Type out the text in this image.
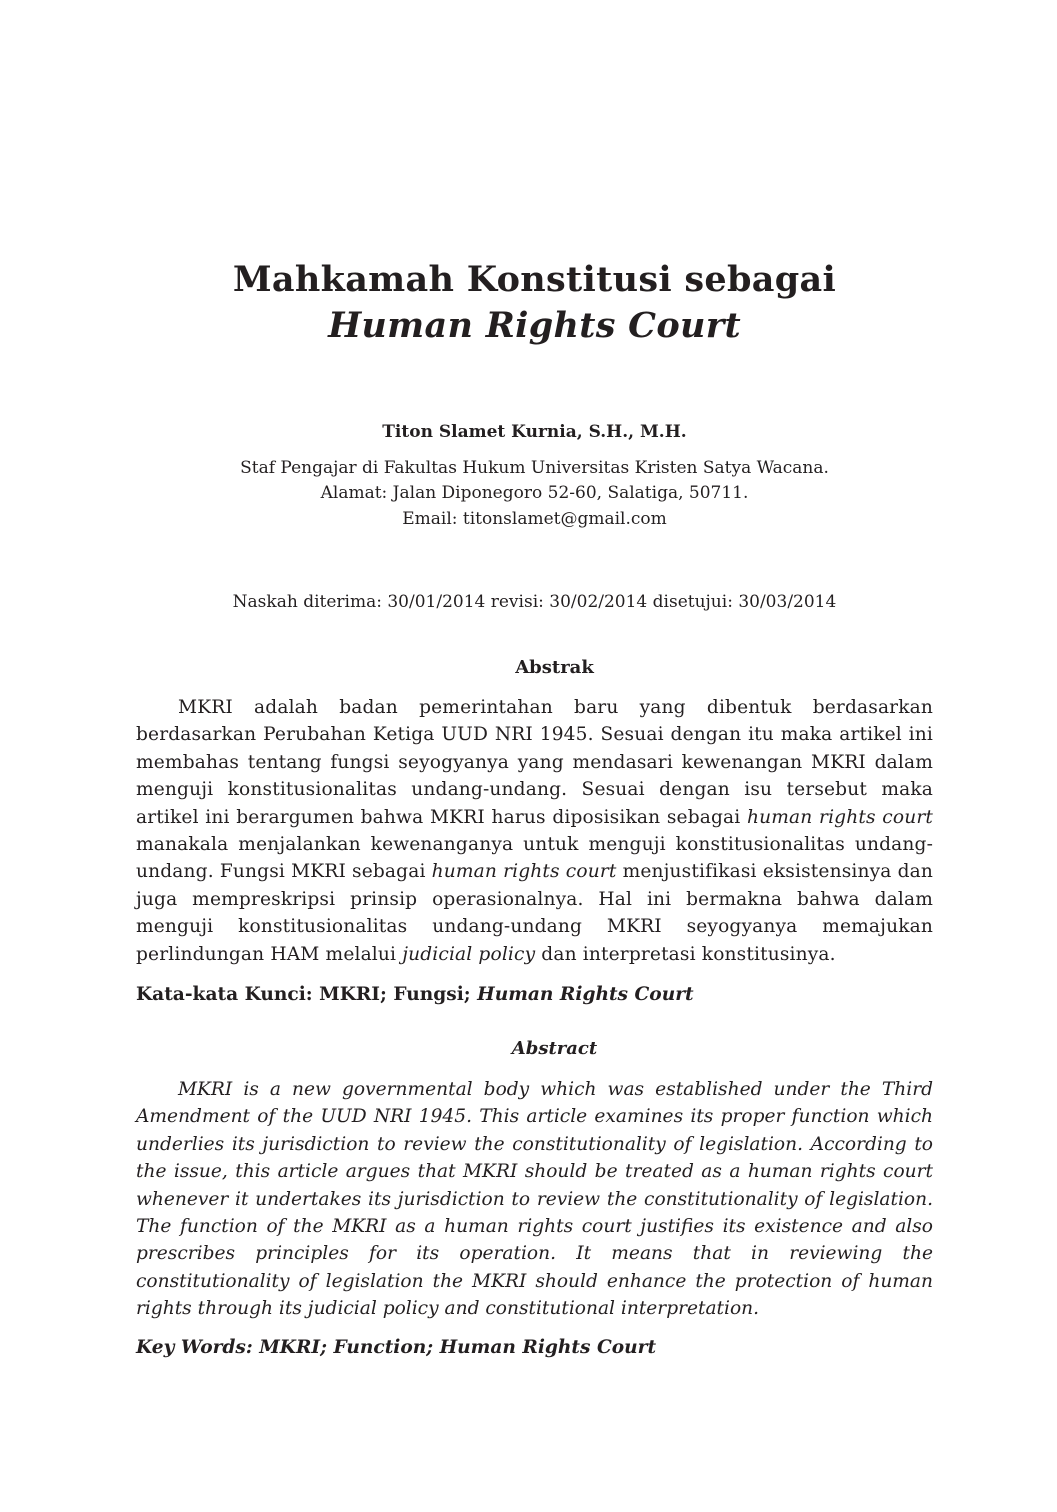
Mahkamah Konstitusi sebagai
Human Rights Court
Titon Slamet Kurnia, S.H., M.H.
Staf Pengajar di Fakultas Hukum Universitas Kristen Satya Wacana.
Alamat: Jalan Diponegoro 52-60, Salatiga, 50711.
Email: titonslamet@gmail.com
Naskah diterima: 30/01/2014 revisi: 30/02/2014 disetujui: 30/03/2014
Abstrak

MKRI adalah badan pemerintahan baru yang dibentuk berdasarkan berdasarkan Perubahan Ketiga UUD NRI 1945. Sesuai dengan itu maka artikel ini membahas tentang fungsi seyogyanya yang mendasari kewenangan MKRI dalam menguji konstitusionalitas undang-undang. Sesuai dengan isu tersebut maka artikel ini berargumen bahwa MKRI harus diposisikan sebagai human rights court manakala menjalankan kewenanganya untuk menguji konstitusionalitas undang-undang. Fungsi MKRI sebagai human rights court menjustifikasi eksistensinya dan juga mempreskripsi prinsip operasionalnya. Hal ini bermakna bahwa dalam menguji konstitusionalitas undang-undang MKRI seyogyanya memajukan perlindungan HAM melalui judicial policy dan interpretasi konstitusinya.

Kata-kata Kunci: MKRI; Fungsi; Human Rights Court
Abstract

MKRI is a new governmental body which was established under the Third Amendment of the UUD NRI 1945. This article examines its proper function which underlies its jurisdiction to review the constitutionality of legislation. According to the issue, this article argues that MKRI should be treated as a human rights court whenever it undertakes its jurisdiction to review the constitutionality of legislation. The function of the MKRI as a human rights court justifies its existence and also prescribes principles for its operation. It means that in reviewing the constitutionality of legislation the MKRI should enhance the protection of human rights through its judicial policy and constitutional interpretation.

Key Words: MKRI; Function; Human Rights Court
